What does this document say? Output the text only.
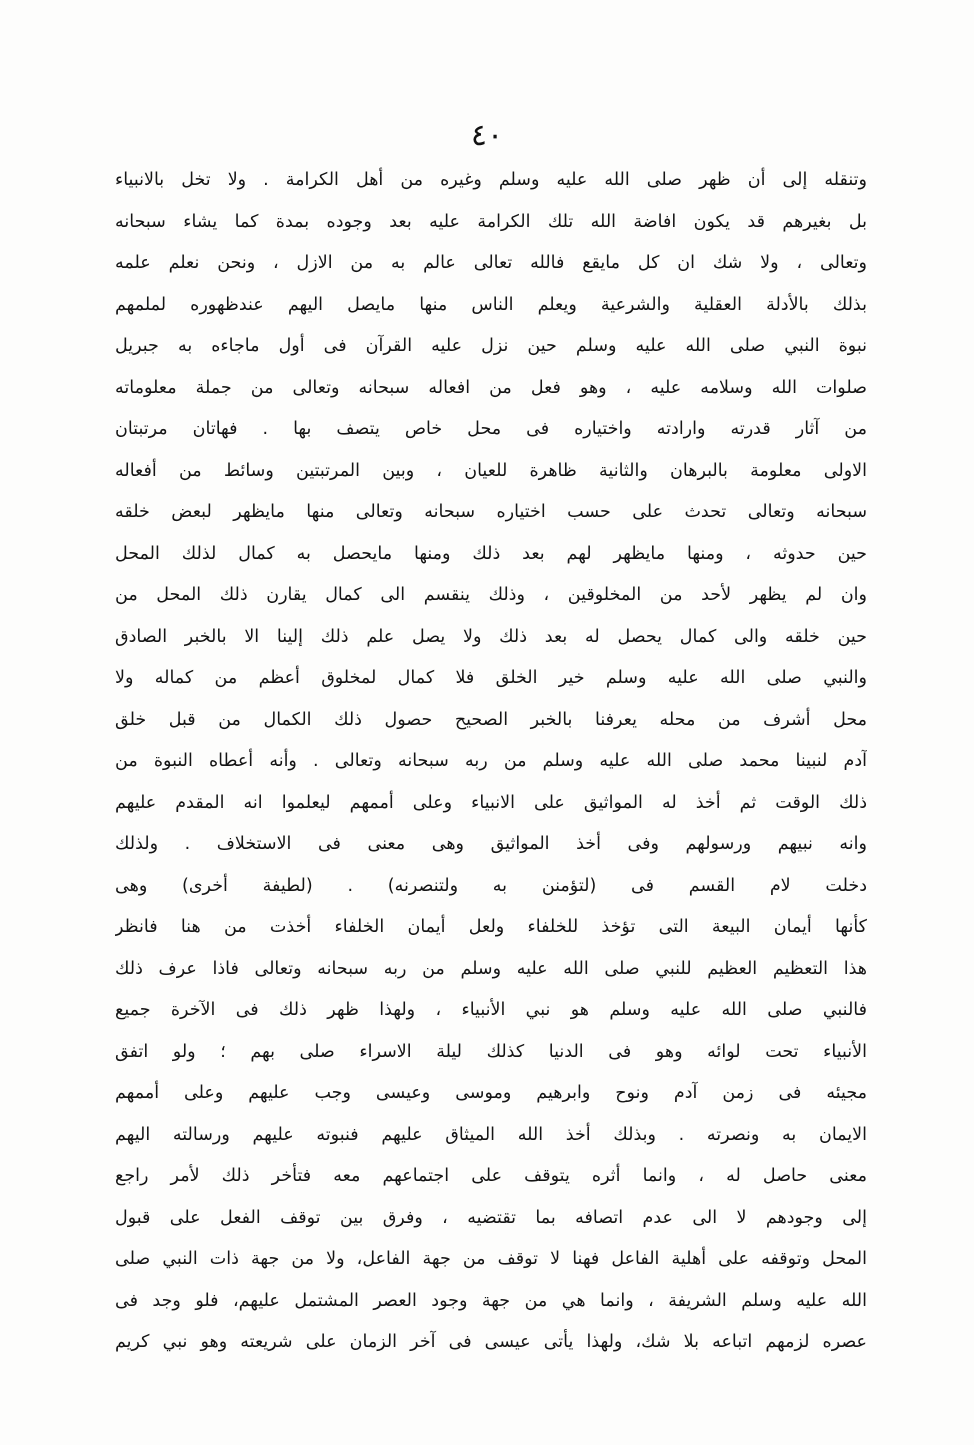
٤٠
وتنقله إلى أن ظهر صلى الله عليه وسلم وغيره من أهل الكرامة . ولا تخل بالانبياء
بل بغيرهم قد يكون افاضة الله تلك الكرامة عليه بعد وجوده بمدة كما يشاء سبحانه
وتعالى ، ولا شك ان كل مايقع فالله تعالى عالم به من الازل ، ونحن نعلم علمه
بذلك بالأدلة العقلية والشرعية ويعلم الناس منها مايصل اليهم عندظهوره لملمهم
نبوة النبي صلى الله عليه وسلم حين نزل عليه القرآن فى أول ماجاءه به جبريل
صلوات الله وسلامه عليه ، وهو فعل من افعاله سبحانه وتعالى من جملة معلوماته
من آثار قدرته وارادته واختياره فى محل خاص يتصف بها . فهاتان مرتبتان
الاولى معلومة بالبرهان والثانية ظاهرة للعيان ، وبين المرتبتين وسائط من أفعاله
سبحانه وتعالى تحدث على حسب اختياره سبحانه وتعالى منها مايظهر لبعض خلقه
حين حدوثه ، ومنها مايظهر لهم بعد ذلك ومنها مايحصل به كمال لذلك المحل
وان لم يظهر لأحد من المخلوقين ، وذلك ينقسم الى كمال يقارن ذلك المحل من
حين خلقه والى كمال يحصل له بعد ذلك ولا يصل علم ذلك إلينا الا بالخبر الصادق
والنبي صلى الله عليه وسلم خير الخلق فلا كمال لمخلوق أعظم من كماله ولا
محل أشرف من محله يعرفنا بالخبر الصحيح حصول ذلك الكمال من قبل خلق
آدم لنبينا محمد صلى الله عليه وسلم من ربه سبحانه وتعالى . وأنه أعطاه النبوة من
ذلك الوقت ثم أخذ له المواثيق على الانبياء وعلى أممهم ليعلموا انه المقدم عليهم
وانه نبيهم ورسولهم وفى أخذ المواثيق وهى معنى فى الاستخلاف . ولذلك
دخلت لام القسم فى (لتؤمنن به ولتنصرنه) . (لطيفة أخرى) وهى
كأنها أيمان البيعة التى تؤخذ للخلفاء ولعل أيمان الخلفاء أخذت من هنا فانظر
هذا التعظيم العظيم للنبي صلى الله عليه وسلم من ربه سبحانه وتعالى فاذا عرف ذلك
فالنبي صلى الله عليه وسلم هو نبي الأنبياء ، ولهذا ظهر ذلك فى الآخرة جميع
الأنبياء تحت لوائه وهو فى الدنيا كذلك ليلة الاسراء صلى بهم ؛ ولو اتفق
مجيئه فى زمن آدم ونوح وابرهيم وموسى وعيسى وجب عليهم وعلى أممهم
الايمان به ونصرته . وبذلك أخذ الله الميثاق عليهم فنبوته عليهم ورسالته اليهم
معنى حاصل له ، وانما أثره يتوقف على اجتماعهم معه فتأخر ذلك لأمر راجع
إلى وجودهم لا الى عدم اتصافه بما تقتضيه ، وفرق بين توقف الفعل على قبول
المحل وتوقفه على أهلية الفاعل فهنا لا توقف من جهة الفاعل، ولا من جهة ذات النبي صلى
الله عليه وسلم الشريفة ، وانما هي من جهة وجود العصر المشتمل عليهم، فلو وجد فى
عصره لزمهم اتباعه بلا شك، ولهذا يأتى عيسى فى آخر الزمان على شريعته وهو نبي كريم
